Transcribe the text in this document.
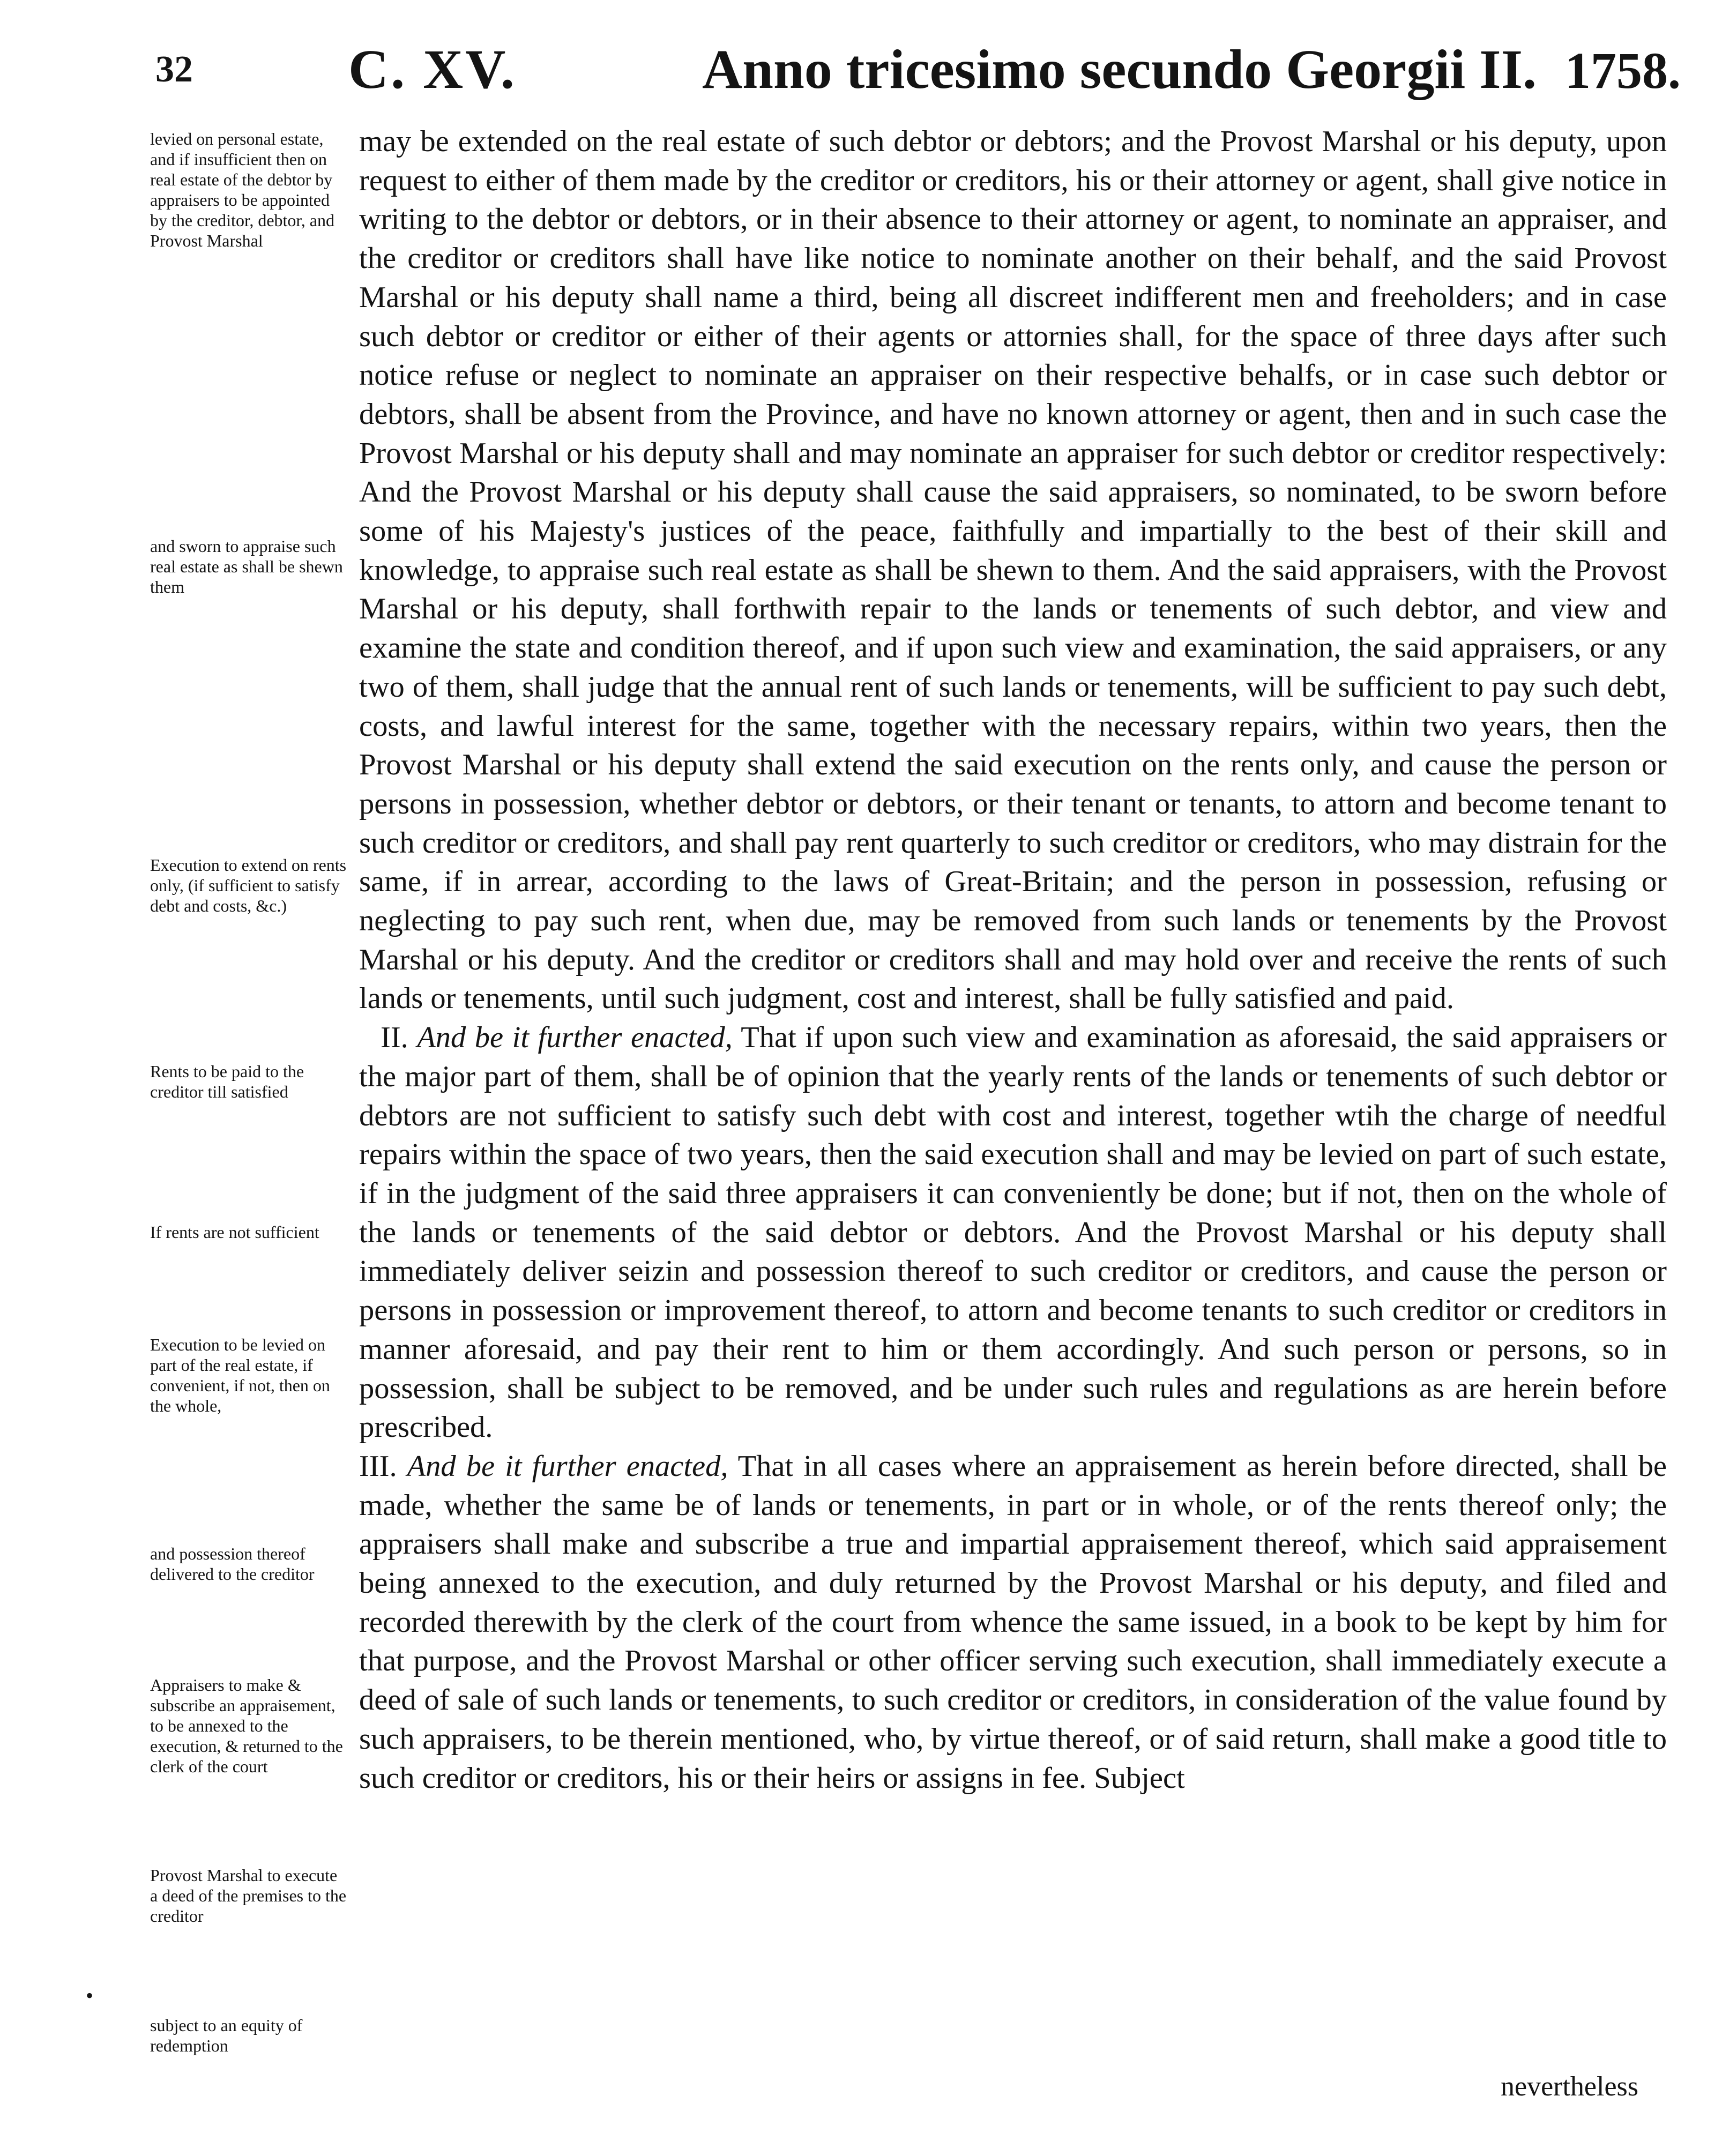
32	C. XV.	Anno tricesimo secundo Georgii II. 1758.
levied on personal estate, and if insufficient then on real estate of the debtor by appraisers to be appointed by the creditor, debtor, and Provost Marshal
and sworn to appraise such real estate as shall be shewn them
Execution to extend on rents only, (if sufficient to satisfy debt and costs, &c.)
Rents to be paid to the creditor till satisfied
If rents are not sufficient
Execution to be levied on part of the real estate, if convenient, if not, then on the whole,
and possession thereof delivered to the creditor
Appraisers to make & subscribe an appraisement, to be annexed to the execution, & returned to the clerk of the court
Provost Marshal to execute a deed of the premises to the creditor
subject to an equity of redemption
•

may be extended on the real estate of such debtor or debtors; and the Provost Marshal or his deputy, upon request to either of them made by the creditor or creditors, his or their attorney or agent, shall give notice in writing to the debtor or debtors, or in their absence to their attorney or agent, to nominate an appraiser, and the creditor or creditors shall have like notice to nominate another on their behalf, and the said Provost Marshal or his deputy shall name a third, being all discreet indifferent men and freeholders; and in case such debtor or creditor or either of their agents or attornies shall, for the space of three days after such notice refuse or neglect to nominate an appraiser on their respective behalfs, or in case such debtor or debtors, shall be absent from the Province, and have no known attorney or agent, then and in such case the Provost Marshal or his deputy shall and may nominate an appraiser for such debtor or creditor respectively: And the Provost Marshal or his deputy shall cause the said appraisers, so nominated, to be sworn before some of his Majesty's justices of the peace, faithfully and impartially to the best of their skill and knowledge, to appraise such real estate as shall be shewn to them. And the said appraisers, with the Provost Marshal or his deputy, shall forthwith repair to the lands or tenements of such debtor, and view and examine the state and condition thereof, and if upon such view and examination, the said appraisers, or any two of them, shall judge that the annual rent of such lands or tenements, will be sufficient to pay such debt, costs, and lawful interest for the same, together with the necessary repairs, within two years, then the Provost Marshal or his deputy shall extend the said execution on the rents only, and cause the person or persons in possession, whether debtor or debtors, or their tenant or tenants, to attorn and become tenant to such creditor or creditors, and shall pay rent quarterly to such creditor or creditors, who may distrain for the same, if in arrear, according to the laws of Great-Britain; and the person in possession, refusing or neglecting to pay such rent, when due, may be removed from such lands or tenements by the Provost Marshal or his deputy. And the creditor or creditors shall and may hold over and receive the rents of such lands or tenements, until such judgment, cost and interest, shall be fully satisfied and paid.

II. And be it further enacted, That if upon such view and examination as aforesaid, the said appraisers or the major part of them, shall be of opinion that the yearly rents of the lands or tenements of such debtor or debtors are not sufficient to satisfy such debt with cost and interest, together wtih the charge of needful repairs within the space of two years, then the said execution shall and may be levied on part of such estate, if in the judgment of the said three appraisers it can conveniently be done; but if not, then on the whole of the lands or tenements of the said debtor or debtors. And the Provost Marshal or his deputy shall immediately deliver seizin and possession thereof to such creditor or creditors, and cause the person or persons in possession or improvement thereof, to attorn and become tenants to such creditor or creditors in manner aforesaid, and pay their rent to him or them accordingly. And such person or persons, so in possession, shall be subject to be removed, and be under such rules and regulations as are herein before prescribed.

III. And be it further enacted, That in all cases where an appraisement as herein before directed, shall be made, whether the same be of lands or tenements, in part or in whole, or of the rents thereof only; the appraisers shall make and subscribe a true and impartial appraisement thereof, which said appraisement being annexed to the execution, and duly returned by the Provost Marshal or his deputy, and filed and recorded therewith by the clerk of the court from whence the same issued, in a book to be kept by him for that purpose, and the Provost Marshal or other officer serving such execution, shall immediately execute a deed of sale of such lands or tenements, to such creditor or creditors, in consideration of the value found by such appraisers, to be therein mentioned, who, by virtue thereof, or of said return, shall make a good title to such creditor or creditors, his or their heirs or assigns in fee. Subject

nevertheless
